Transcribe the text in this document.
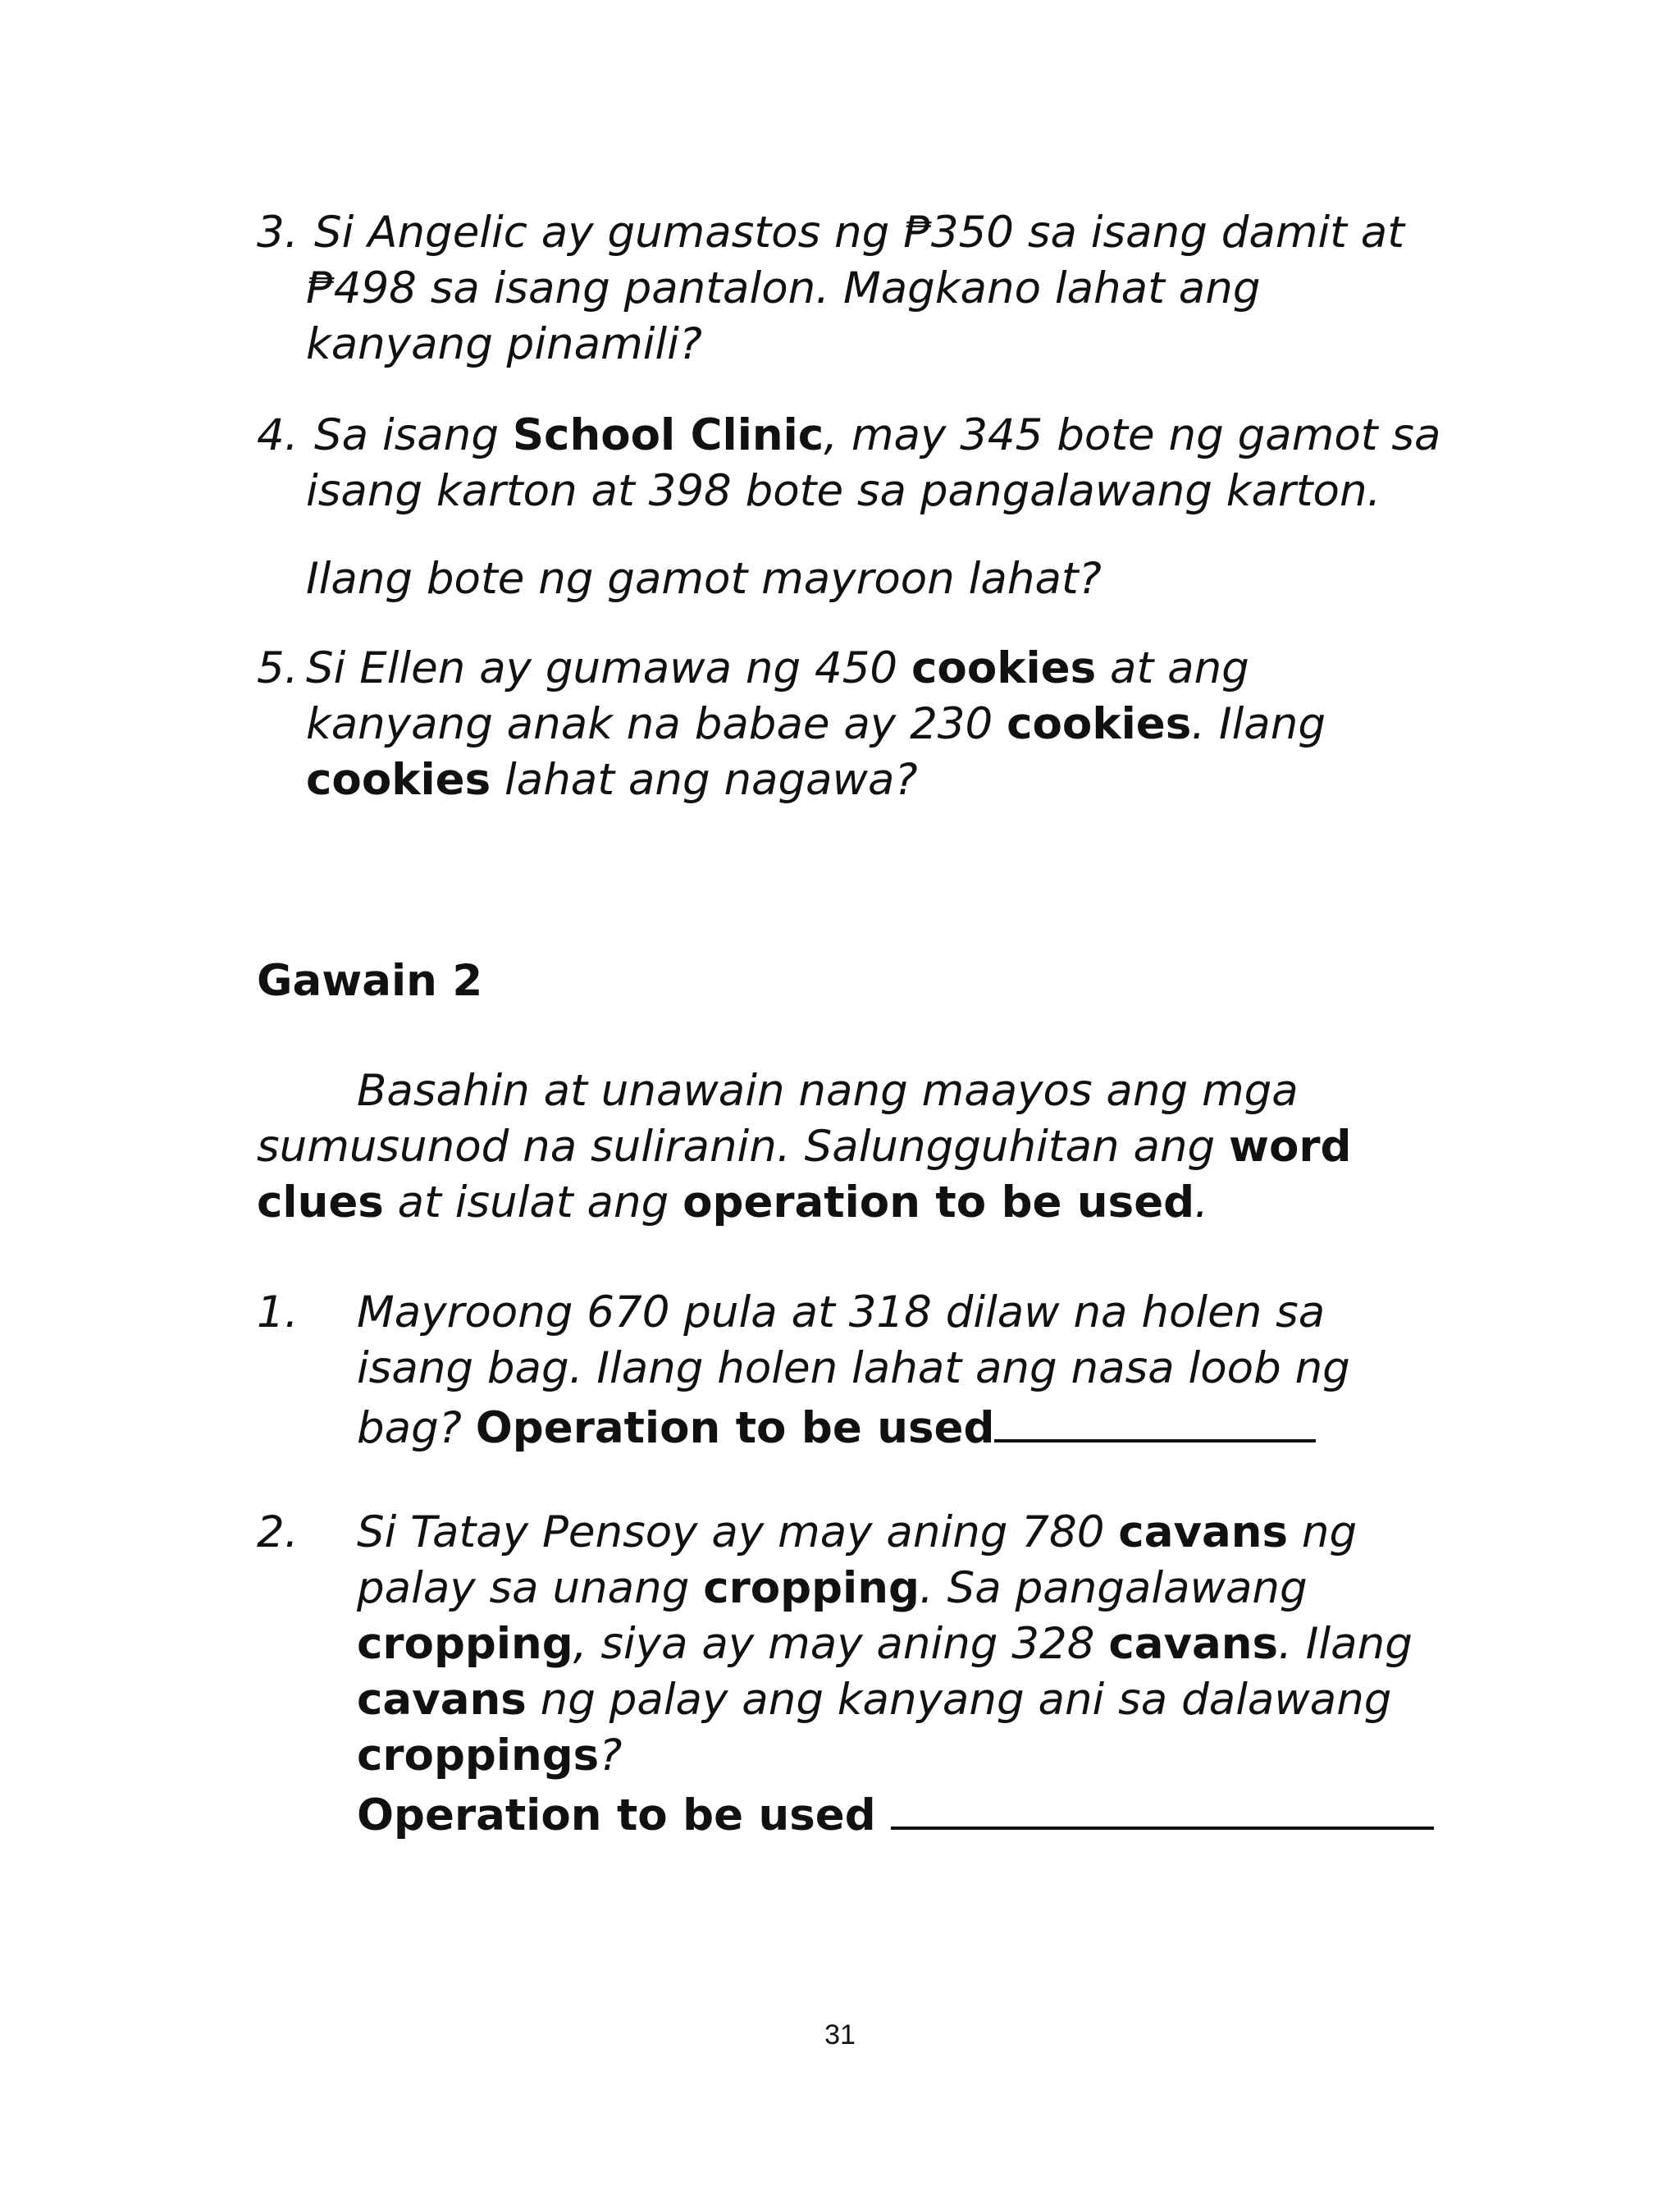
3. Si Angelic ay gumastos ng ₱350 sa isang damit at
₱498 sa isang pantalon. Magkano lahat ang
kanyang pinamili?
4. Sa isang School Clinic, may 345 bote ng gamot sa
isang karton at 398 bote sa pangalawang karton.
Ilang bote ng gamot mayroon lahat?
5. Si Ellen ay gumawa ng 450 cookies at ang
kanyang anak na babae ay 230 cookies. Ilang
cookies lahat ang nagawa?
Gawain 2
Basahin at unawain nang maayos ang mga
sumusunod na suliranin. Salungguhitan ang word
clues at isulat ang operation to be used.
1. Mayroong 670 pula at 318 dilaw na holen sa
isang bag. Ilang holen lahat ang nasa loob ng
bag? Operation to be used
2. Si Tatay Pensoy ay may aning 780 cavans ng
palay sa unang cropping. Sa pangalawang
cropping, siya ay may aning 328 cavans. Ilang
cavans ng palay ang kanyang ani sa dalawang
croppings?
Operation to be used
31
